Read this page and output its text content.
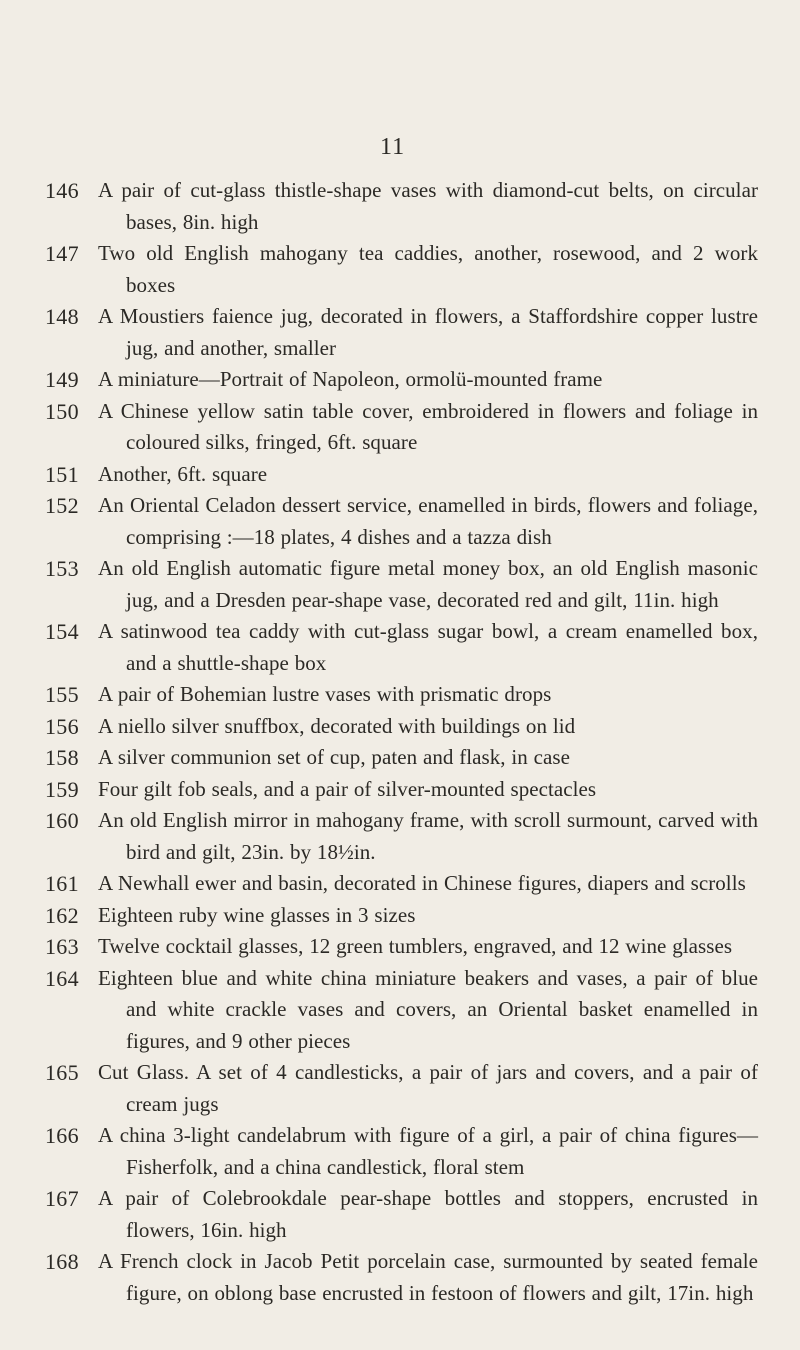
11
146 A pair of cut-glass thistle-shape vases with diamond-cut belts, on circular bases, 8in. high
147 Two old English mahogany tea caddies, another, rosewood, and 2 work boxes
148 A Moustiers faience jug, decorated in flowers, a Staffordshire copper lustre jug, and another, smaller
149 A miniature—Portrait of Napoleon, ormolü-mounted frame
150 A Chinese yellow satin table cover, embroidered in flowers and foliage in coloured silks, fringed, 6ft. square
151 Another, 6ft. square
152 An Oriental Celadon dessert service, enamelled in birds, flowers and foliage, comprising :—18 plates, 4 dishes and a tazza dish
153 An old English automatic figure metal money box, an old English masonic jug, and a Dresden pear-shape vase, decorated red and gilt, 11in. high
154 A satinwood tea caddy with cut-glass sugar bowl, a cream enamelled box, and a shuttle-shape box
155 A pair of Bohemian lustre vases with prismatic drops
156 A niello silver snuffbox, decorated with buildings on lid
158 A silver communion set of cup, paten and flask, in case
159 Four gilt fob seals, and a pair of silver-mounted spectacles
160 An old English mirror in mahogany frame, with scroll surmount, carved with bird and gilt, 23in. by 18½in.
161 A Newhall ewer and basin, decorated in Chinese figures, diapers and scrolls
162 Eighteen ruby wine glasses in 3 sizes
163 Twelve cocktail glasses, 12 green tumblers, engraved, and 12 wine glasses
164 Eighteen blue and white china miniature beakers and vases, a pair of blue and white crackle vases and covers, an Oriental basket enamelled in figures, and 9 other pieces
165 Cut Glass. A set of 4 candlesticks, a pair of jars and covers, and a pair of cream jugs
166 A china 3-light candelabrum with figure of a girl, a pair of china figures—Fisherfolk, and a china candlestick, floral stem
167 A pair of Colebrookdale pear-shape bottles and stoppers, encrusted in flowers, 16in. high
168 A French clock in Jacob Petit porcelain case, surmounted by seated female figure, on oblong base encrusted in festoon of flowers and gilt, 17in. high
